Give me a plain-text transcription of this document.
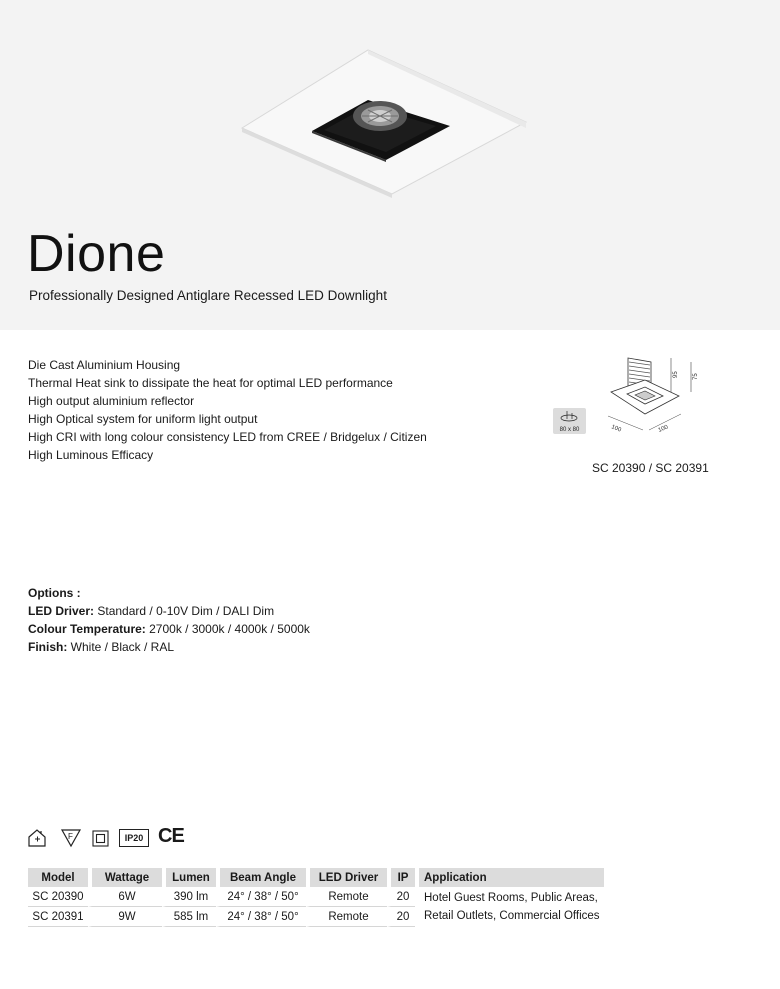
Dione
Professionally Designed Antiglare Recessed LED Downlight
Die Cast Aluminium Housing
Thermal Heat sink to dissipate the heat for optimal LED performance
High output aluminium reflector
High Optical system for uniform light output
High CRI with long colour consistency LED from CREE / Bridgelux / Citizen
High Luminous Efficacy
95 75
100	100
80 x 80
SC 20390 / SC 20391
Options :
LED Driver: Standard / 0-10V Dim / DALI Dim
Colour Temperature: 2700k / 3000k / 4000k / 5000k
Finish: White / Black / RAL
F	IP20 CE
Model	Wattage	Lumen	Beam Angle	LED Driver	IP	Application
SC 20390	6W	390 lm	24° / 38° / 50°	Remote	20	Hotel Guest Rooms, Public Areas,
Retail Outlets, Commercial Offices

SC 20391	9W	585 lm	24° / 38° / 50°	Remote	20	
